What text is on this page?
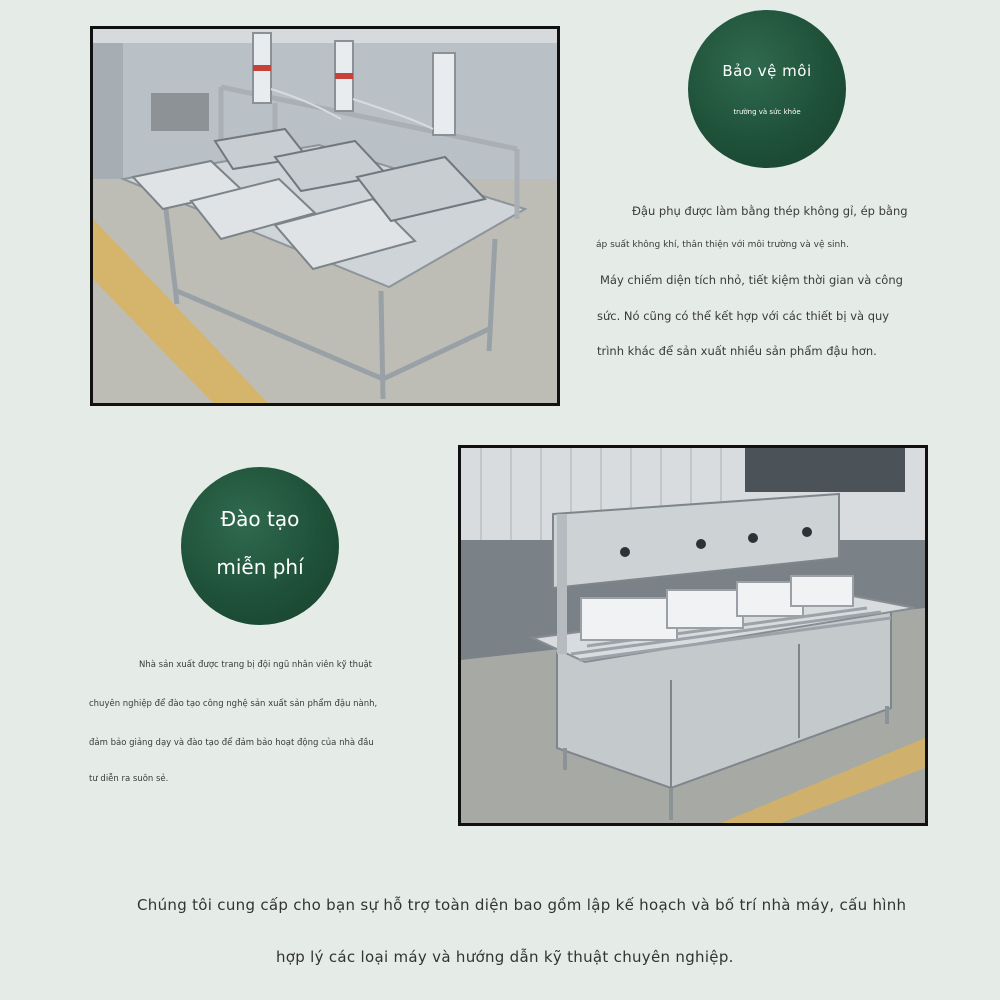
Bảo vệ môi
trường và sức khỏe
Đậu phụ được làm bằng thép không gỉ, ép bằng
áp suất không khí, thân thiện với môi trường và vệ sinh.
Máy chiếm diện tích nhỏ, tiết kiệm thời gian và công
sức. Nó cũng có thể kết hợp với các thiết bị và quy
trình khác để sản xuất nhiều sản phẩm đậu hơn.
Đào tạo
miễn phí
Nhà sản xuất được trang bị đội ngũ nhân viên kỹ thuật
chuyên nghiệp để đào tạo công nghệ sản xuất sản phẩm đậu nành,
đảm bảo giảng dạy và đào tạo để đảm bảo hoạt động của nhà đầu
tư diễn ra suôn sẻ.
Chúng tôi cung cấp cho bạn sự hỗ trợ toàn diện bao gồm lập kế hoạch và bố trí nhà máy, cấu hình
hợp lý các loại máy và hướng dẫn kỹ thuật chuyên nghiệp.
